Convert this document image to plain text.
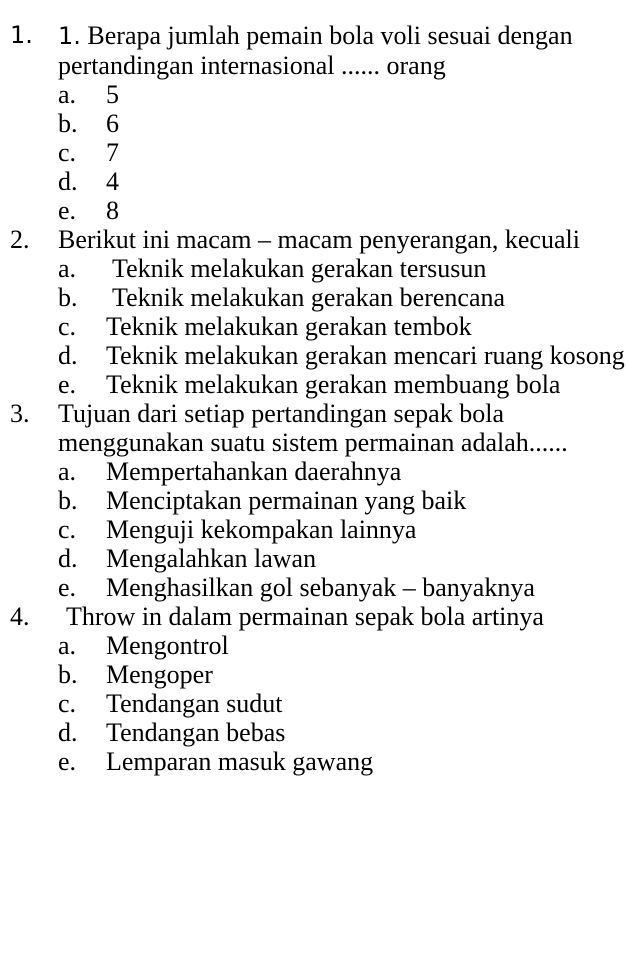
1. 1. Berapa jumlah pemain bola voli sesuai dengan pertandingan internasional ...... orang
a. 5
b. 6
c. 7
d. 4
e. 8
2. Berikut ini macam – macam penyerangan, kecuali
a. Teknik melakukan gerakan tersusun
b. Teknik melakukan gerakan berencana
c. Teknik melakukan gerakan tembok
d. Teknik melakukan gerakan mencari ruang kosong
e. Teknik melakukan gerakan membuang bola
3. Tujuan dari setiap pertandingan sepak bola menggunakan suatu sistem permainan adalah......
a. Mempertahankan daerahnya
b. Menciptakan permainan yang baik
c. Menguji kekompakan lainnya
d. Mengalahkan lawan
e. Menghasilkan gol sebanyak – banyaknya
4.	Throw in dalam permainan sepak bola artinya
a. Mengontrol
b. Mengoper
c. Tendangan sudut
d. Tendangan bebas
e. Lemparan masuk gawang
